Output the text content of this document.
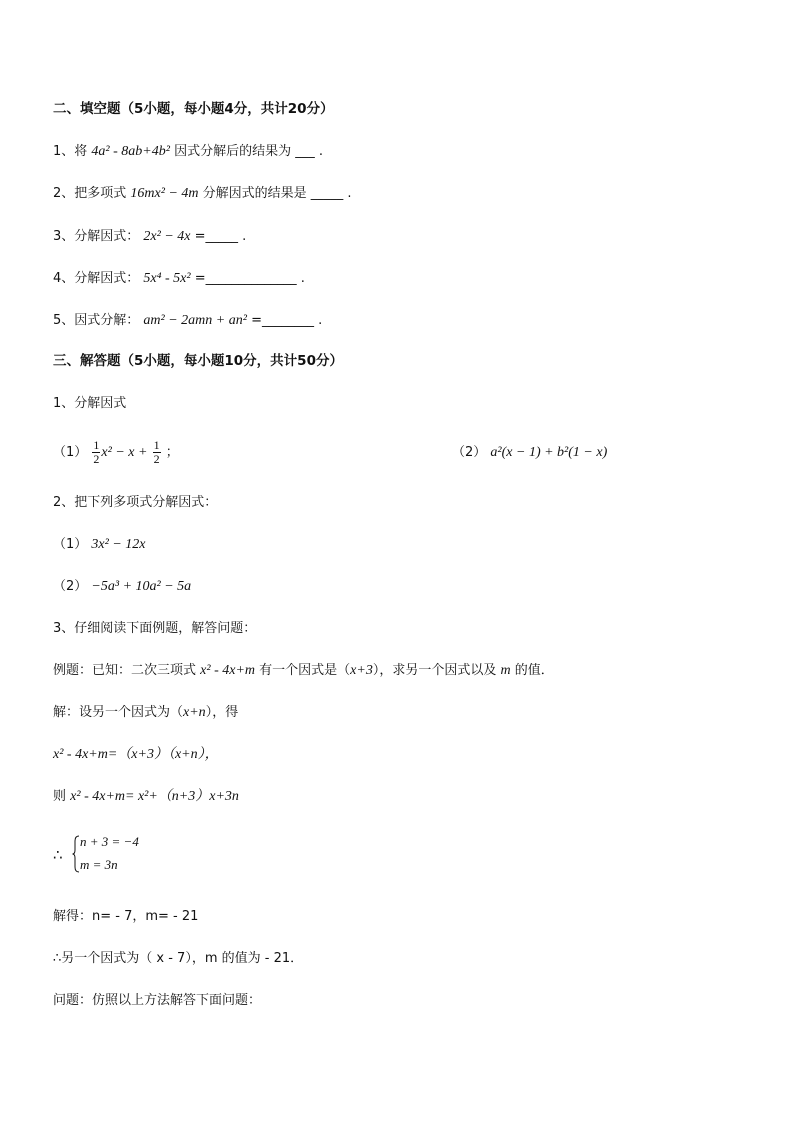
二、填空题（5小题，每小题4分，共计20分）
1、将 4a² - 8ab+4b² 因式分解后的结果为 ___ .
2、把多项式 16mx² − 4m 分解因式的结果是 _____ .
3、分解因式： 2x² − 4x =_____ .
4、分解因式： 5x⁴ - 5x² =______________ .
5、因式分解： am² − 2amn + an² =________ .
三、解答题（5小题，每小题10分，共计50分）
1、分解因式
$(1) \frac{1}{2} x^2 - x + \frac{1}{2}$ ；	（2） a²(x − 1) + b²(1 − x)
2、把下列多项式分解因式：
（1） 3x² − 12x
（2） −5a³ + 10a² − 5a
3、仔细阅读下面例题，解答问题：
例题：已知：二次三项式 x² - 4x+m 有一个因式是（x+3），求另一个因式以及 m 的值．
解：设另一个因式为（x+n），得
x² - 4x+m=（x+3）（x+n），
则 x² - 4x+m= x²+（n+3）x+3n
∴
n + 3 = −4
m = 3n
解得：n= - 7，m= - 21
∴另一个因式为（ x - 7），m 的值为 - 21．
问题：仿照以上方法解答下面问题：
